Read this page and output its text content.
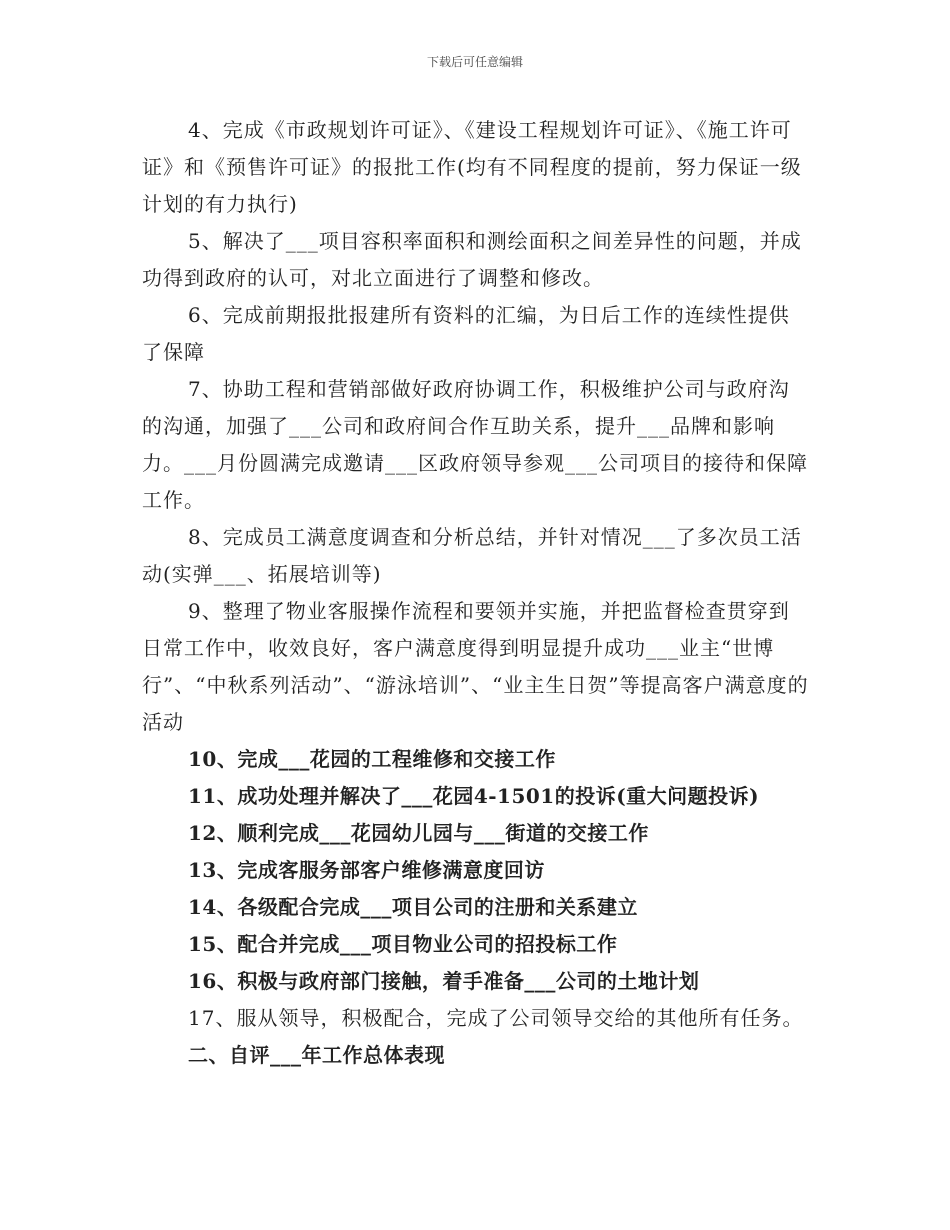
下载后可任意编辑

4、完成《市政规划许可证》、《建设工程规划许可证》、《施工许可证》和《预售许可证》的报批工作(均有不同程度的提前，努力保证一级计划的有力执行)

5、解决了___项目容积率面积和测绘面积之间差异性的问题，并成功得到政府的认可，对北立面进行了调整和修改。

6、完成前期报批报建所有资料的汇编，为日后工作的连续性提供了保障

7、协助工程和营销部做好政府协调工作，积极维护公司与政府沟的沟通，加强了___公司和政府间合作互助关系，提升___品牌和影响力。___月份圆满完成邀请___区政府领导参观___公司项目的接待和保障工作。

8、完成员工满意度调查和分析总结，并针对情况___了多次员工活动(实弹___、拓展培训等)

9、整理了物业客服操作流程和要领并实施，并把监督检查贯穿到日常工作中，收效良好，客户满意度得到明显提升成功___业主“世博行”、“中秋系列活动”、“游泳培训”、“业主生日贺”等提高客户满意度的活动

10、完成___花园的工程维修和交接工作

11、成功处理并解决了___花园4-1501的投诉(重大问题投诉)

12、顺利完成___花园幼儿园与___街道的交接工作

13、完成客服务部客户维修满意度回访

14、各级配合完成___项目公司的注册和关系建立

15、配合并完成___项目物业公司的招投标工作

16、积极与政府部门接触，着手准备___公司的土地计划

17、服从领导，积极配合，完成了公司领导交给的其他所有任务。

二、自评___年工作总体表现
